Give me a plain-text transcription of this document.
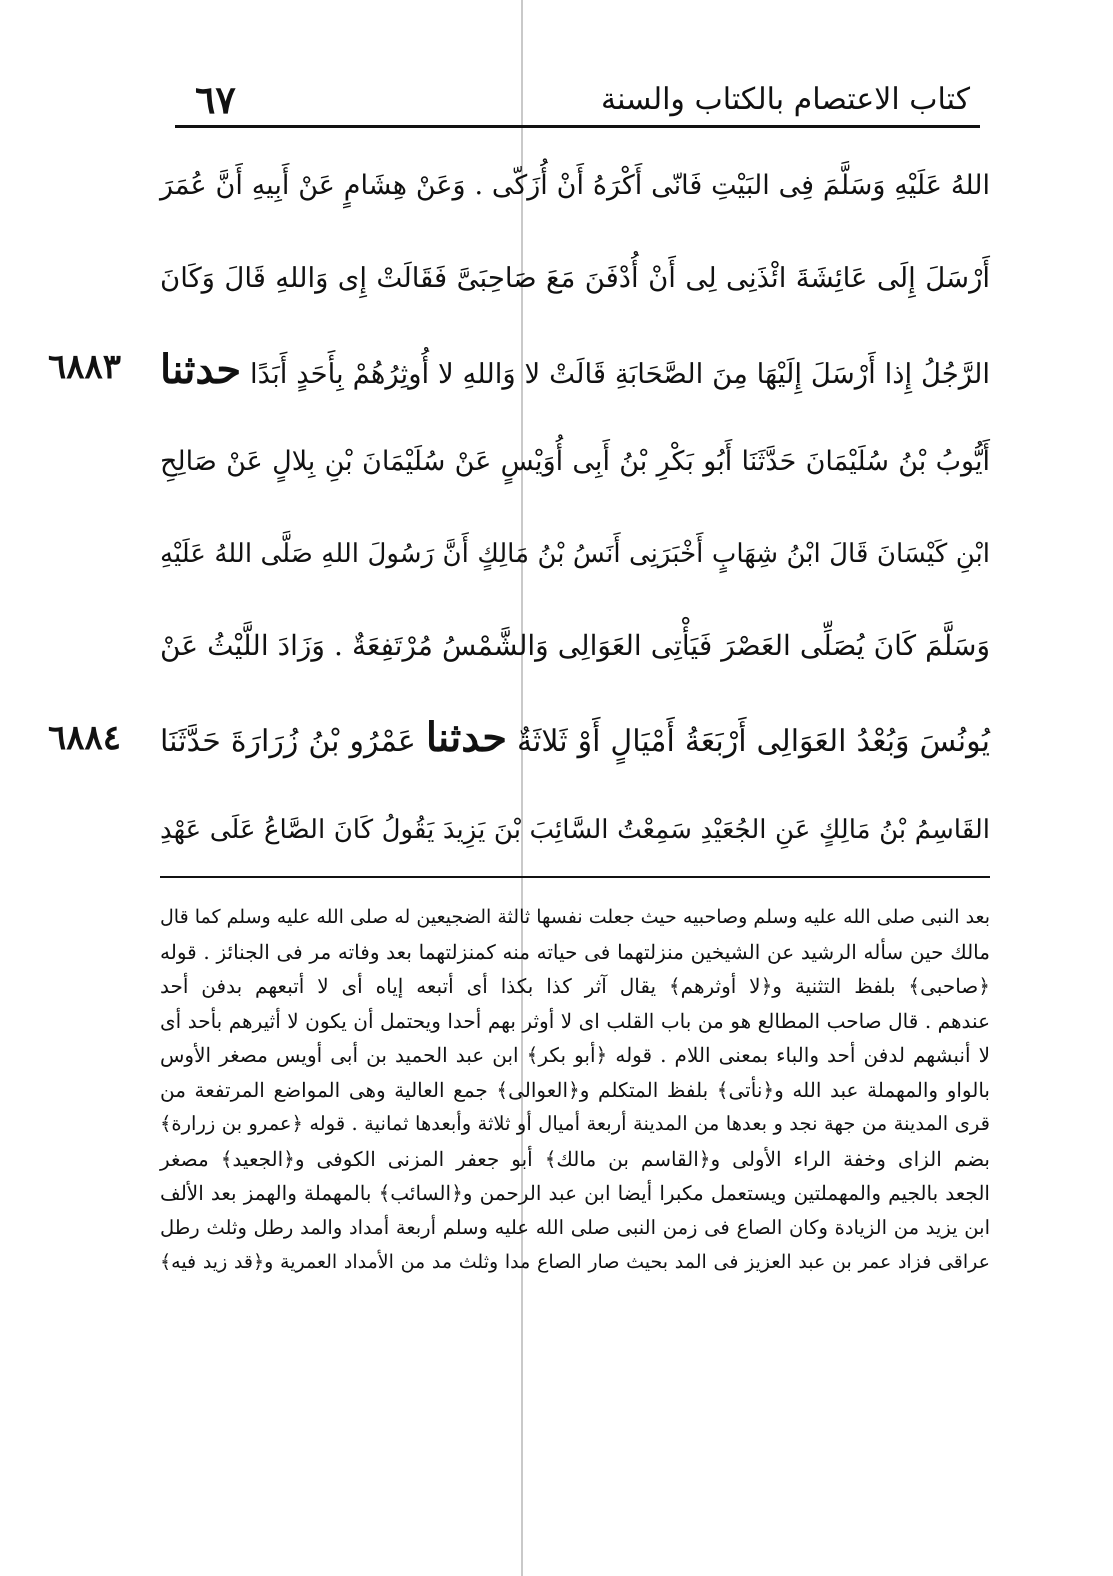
٦٧	كتاب الاعتصام بالكتاب والسنة
٦٨٨٣
٦٨٨٤
اللهُ عَلَيْهِ وَسَلَّمَ فِى البَيْتِ فَانّى أَكْرَهُ أَنْ أُزَكّى . وَعَنْ هِشَامٍ عَنْ أَبِيهِ أَنَّ عُمَرَ
أَرْسَلَ إِلَى عَائِشَةَ ائْذَنِى لِى أَنْ أُدْفَنَ مَعَ صَاحِبَىَّ فَقَالَتْ إِى وَاللهِ قَالَ وَكَانَ
الرَّجُلُ إِذا أَرْسَلَ إِلَيْهَا مِنَ الصَّحَابَةِ قَالَتْ لا وَاللهِ لا أُوثِرُهُمْ بِأَحَدٍ أَبَدًا حدثنا
أَيُّوبُ بْنُ سُلَيْمَانَ حَدَّثَنَا أَبُو بَكْرِ بْنُ أَبِى أُوَيْسٍ عَنْ سُلَيْمَانَ بْنِ بِلالٍ عَنْ صَالِحِ
ابْنِ كَيْسَانَ قَالَ ابْنُ شِهَابٍ أَخْبَرَنِى أَنَسُ بْنُ مَالِكٍ أَنَّ رَسُولَ اللهِ صَلَّى اللهُ عَلَيْهِ
وَسَلَّمَ كَانَ يُصَلِّى العَصْرَ فَيَأْتِى العَوَالِى وَالشَّمْسُ مُرْتَفِعَةٌ . وَزَادَ اللَّيْثُ عَنْ
يُونُسَ وَبُعْدُ العَوَالِى أَرْبَعَةُ أَمْيَالٍ أَوْ ثَلاثَةٌ حدثنا عَمْرُو بْنُ زُرَارَةَ حَدَّثَنَا
القَاسِمُ بْنُ مَالِكٍ عَنِ الجُعَيْدِ سَمِعْتُ السَّائِبَ بْنَ يَزِيدَ يَقُولُ كَانَ الصَّاعُ عَلَى عَهْدِ
بعد النبى صلى الله عليه وسلم وصاحبيه حيث جعلت نفسها ثالثة الضجيعين له صلى الله عليه وسلم كما قال
مالك حين سأله الرشيد عن الشيخين منزلتهما فى حياته منه كمنزلتهما بعد وفاته مر فى الجنائز . قوله
﴿صاحبى﴾ بلفظ التثنية و﴿لا أوثرهم﴾ يقال آثر كذا بكذا أى أتبعه إياه أى لا أتبعهم بدفن أحد
عندهم . قال صاحب المطالع هو من باب القلب اى لا أوثر بهم أحدا ويحتمل أن يكون لا أثيرهم بأحد أى
لا أنبشهم لدفن أحد والباء بمعنى اللام . قوله ﴿أبو بكر﴾ ابن عبد الحميد بن أبى أويس مصغر الأوس
بالواو والمهملة عبد الله و﴿نأتى﴾ بلفظ المتكلم و﴿العوالى﴾ جمع العالية وهى المواضع المرتفعة من
قرى المدينة من جهة نجد و بعدها من المدينة أربعة أميال أو ثلاثة وأبعدها ثمانية . قوله ﴿عمرو بن زرارة﴾
بضم الزاى وخفة الراء الأولى و﴿القاسم بن مالك﴾ أبو جعفر المزنى الكوفى و﴿الجعيد﴾ مصغر
الجعد بالجيم والمهملتين ويستعمل مكبرا أيضا ابن عبد الرحمن و﴿السائب﴾ بالمهملة والهمز بعد الألف
ابن يزيد من الزيادة وكان الصاع فى زمن النبى صلى الله عليه وسلم أربعة أمداد والمد رطل وثلث رطل
عراقى فزاد عمر بن عبد العزيز فى المد بحيث صار الصاع مدا وثلث مد من الأمداد العمرية و﴿قد زيد فيه﴾
